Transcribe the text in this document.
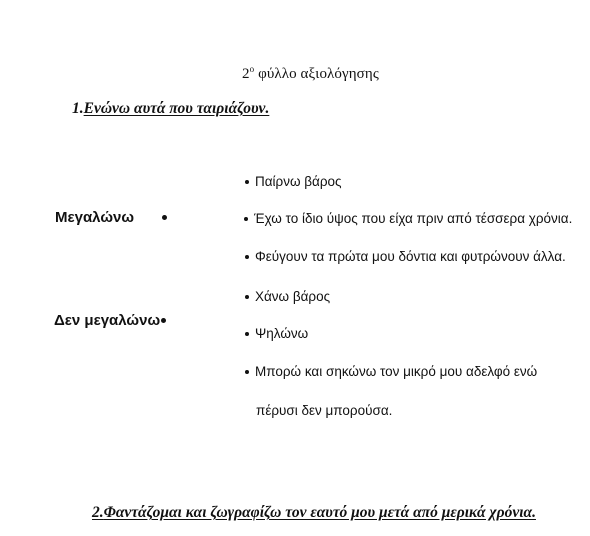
2$^o$ φύλλο αξιολόγησης
1.Ενώνω αυτά που ταιριάζουν.
Μεγαλώνω
Δεν μεγαλώνω
Παίρνω βάρος
Έχω το ίδιο ύψος που είχα πριν από τέσσερα χρόνια.
Φεύγουν τα πρώτα μου δόντια και φυτρώνουν άλλα.
Χάνω βάρος
Ψηλώνω
Μπορώ και σηκώνω τον μικρό μου αδελφό ενώ
πέρυσι δεν μπορούσα.
2.Φαντάζομαι και ζωγραφίζω τον εαυτό μου μετά από μερικά χρόνια.
